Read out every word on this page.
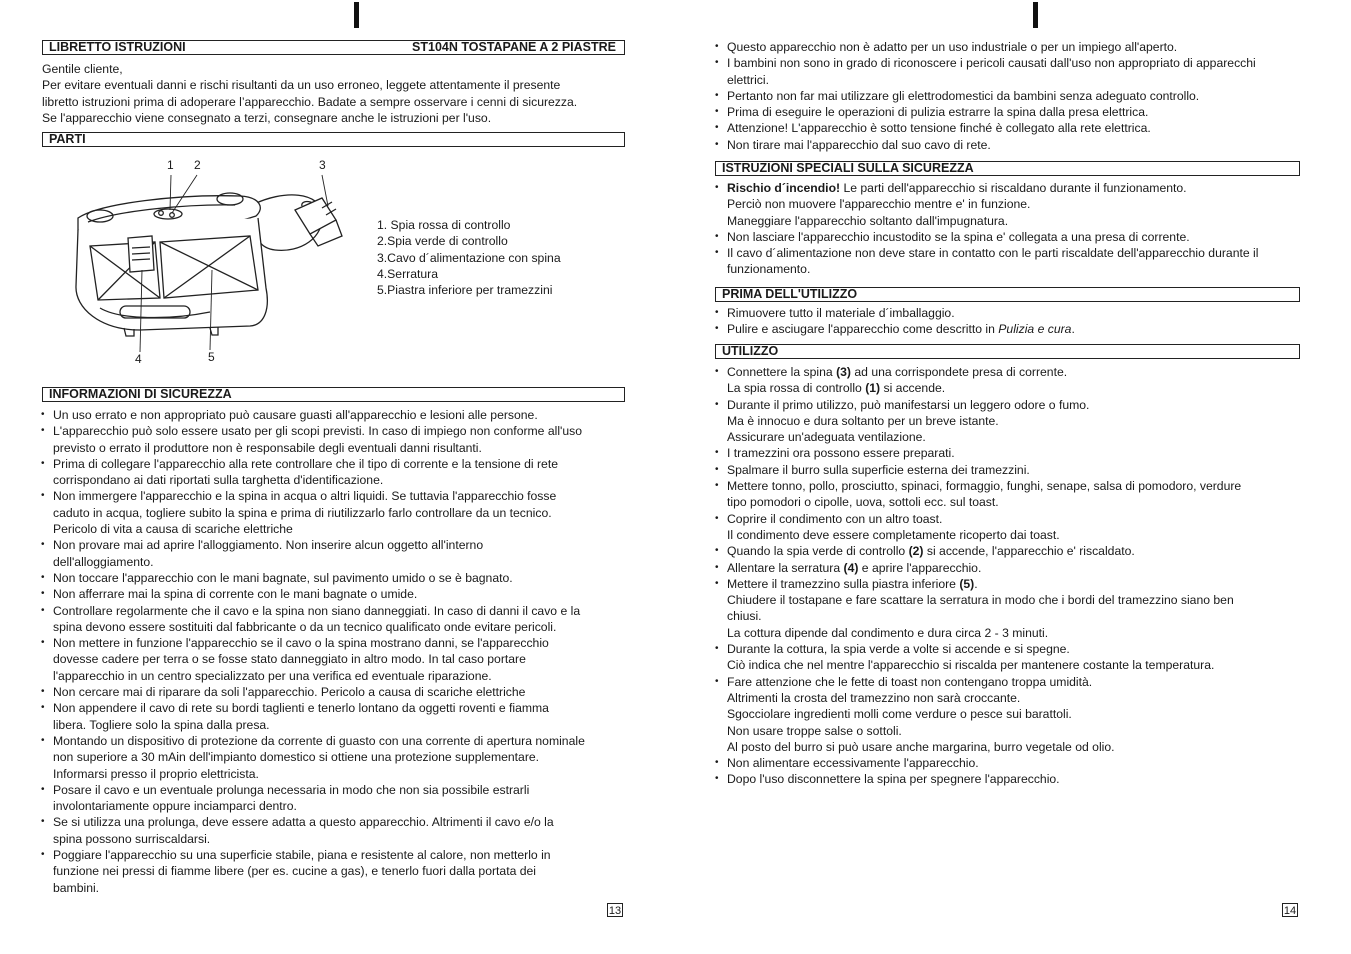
LIBRETTO ISTRUZIONI	ST104N TOSTAPANE A 2 PIASTRE

Gentile cliente,

Per evitare eventuali danni e rischi risultanti da un uso erroneo, leggete attentamente il presente

libretto istruzioni prima di adoperare l’apparecchio. Badate a sempre osservare i cenni di sicurezza.

Se l'apparecchio viene consegnato a terzi, consegnare anche le istruzioni per l'uso.

PARTI
1 2	3
4	5

1. Spia rossa di controllo

2.Spia verde di controllo

3.Cavo d´alimentazione con spina

4.Serratura

5.Piastra inferiore per tramezzini

INFORMAZIONI DI SICUREZZA
• Un uso errato e non appropriato può causare guasti all'apparecchio e lesioni alle persone.
• L'apparecchio può solo essere usato per gli scopi previsti. In caso di impiego non conforme all'uso
previsto o errato il produttore non è responsabile degli eventuali danni risultanti.
• Prima di collegare l'apparecchio alla rete controllare che il tipo di corrente e la tensione di rete
corrispondano ai dati riportati sulla targhetta d'identificazione.
• Non immergere l'apparecchio e la spina in acqua o altri liquidi. Se tuttavia l'apparecchio fosse
caduto in acqua, togliere subito la spina e prima di riutilizzarlo farlo controllare da un tecnico.
Pericolo di vita a causa di scariche elettriche
• Non provare mai ad aprire l'alloggiamento. Non inserire alcun oggetto all'interno
dell'alloggiamento.
• Non toccare l'apparecchio con le mani bagnate, sul pavimento umido o se è bagnato.
• Non afferrare mai la spina di corrente con le mani bagnate o umide.
• Controllare regolarmente che il cavo e la spina non siano danneggiati. In caso di danni il cavo e la
spina devono essere sostituiti dal fabbricante o da un tecnico qualificato onde evitare pericoli.
• Non mettere in funzione l'apparecchio se il cavo o la spina mostrano danni, se l'apparecchio
dovesse cadere per terra o se fosse stato danneggiato in altro modo. In tal caso portare
l'apparecchio in un centro specializzato per una verifica ed eventuale riparazione.
• Non cercare mai di riparare da soli l'apparecchio. Pericolo a causa di scariche elettriche
• Non appendere il cavo di rete su bordi taglienti e tenerlo lontano da oggetti roventi e fiamma
libera. Togliere solo la spina dalla presa.
• Montando un dispositivo di protezione da corrente di guasto con una corrente di apertura nominale
non superiore a 30 mAin dell'impianto domestico si ottiene una protezione supplementare.
Informarsi presso il proprio elettricista.
• Posare il cavo e un eventuale prolunga necessaria in modo che non sia possibile estrarli
involontariamente oppure inciamparci dentro.
• Se si utilizza una prolunga, deve essere adatta a questo apparecchio. Altrimenti il cavo e/o la
spina possono surriscaldarsi.
• Poggiare l'apparecchio su una superficie stabile, piana e resistente al calore, non metterlo in
funzione nei pressi di fiamme libere (per es. cucine a gas), e tenerlo fuori dalla portata dei
bambini.
13
• Questo apparecchio non è adatto per un uso industriale o per un impiego all'aperto.
• I bambini non sono in grado di riconoscere i pericoli causati dall'uso non appropriato di apparecchi
elettrici.
• Pertanto non far mai utilizzare gli elettrodomestici da bambini senza adeguato controllo.
• Prima di eseguire le operazioni di pulizia estrarre la spina dalla presa elettrica.
• Attenzione! L'apparecchio è sotto tensione finché è collegato alla rete elettrica.
• Non tirare mai l'apparecchio dal suo cavo di rete.
ISTRUZIONI SPECIALI SULLA SICUREZZA
• Rischio d´incendio! Le parti dell'apparecchio si riscaldano durante il funzionamento.
Perciò non muovere l'apparecchio mentre e' in funzione.
Maneggiare l'apparecchio soltanto dall'impugnatura.
• Non lasciare l'apparecchio incustodito se la spina e' collegata a una presa di corrente.
• Il cavo d´alimentazione non deve stare in contatto con le parti riscaldate dell'apparecchio durante il
funzionamento.
PRIMA DELL'UTILIZZO
• Rimuovere tutto il materiale d´imballaggio.
• Pulire e asciugare l'apparecchio come descritto in Pulizia e cura.
UTILIZZO
• Connettere la spina (3) ad una corrispondete presa di corrente.
La spia rossa di controllo (1) si accende.
• Durante il primo utilizzo, può manifestarsi un leggero odore o fumo.
Ma è innocuo e dura soltanto per un breve istante.
Assicurare un'adeguata ventilazione.
• I tramezzini ora possono essere preparati.
• Spalmare il burro sulla superficie esterna dei tramezzini.
• Mettere tonno, pollo, prosciutto, spinaci, formaggio, funghi, senape, salsa di pomodoro, verdure
tipo pomodori o cipolle, uova, sottoli ecc. sul toast.
• Coprire il condimento con un altro toast.
Il condimento deve essere completamente ricoperto dai toast.
• Quando la spia verde di controllo (2) si accende, l'apparecchio e' riscaldato.
• Allentare la serratura (4) e aprire l'apparecchio.
• Mettere il tramezzino sulla piastra inferiore (5).
Chiudere il tostapane e fare scattare la serratura in modo che i bordi del tramezzino siano ben
chiusi.
La cottura dipende dal condimento e dura circa 2 - 3 minuti.
• Durante la cottura, la spia verde a volte si accende e si spegne.
Ciò indica che nel mentre l'apparecchio si riscalda per mantenere costante la temperatura.
• Fare attenzione che le fette di toast non contengano troppa umidità.
Altrimenti la crosta del tramezzino non sarà croccante.
Sgocciolare ingredienti molli come verdure o pesce sui barattoli.
Non usare troppe salse o sottoli.
Al posto del burro si può usare anche margarina, burro vegetale od olio.
• Non alimentare eccessivamente l'apparecchio.
• Dopo l'uso disconnettere la spina per spegnere l'apparecchio.
14
